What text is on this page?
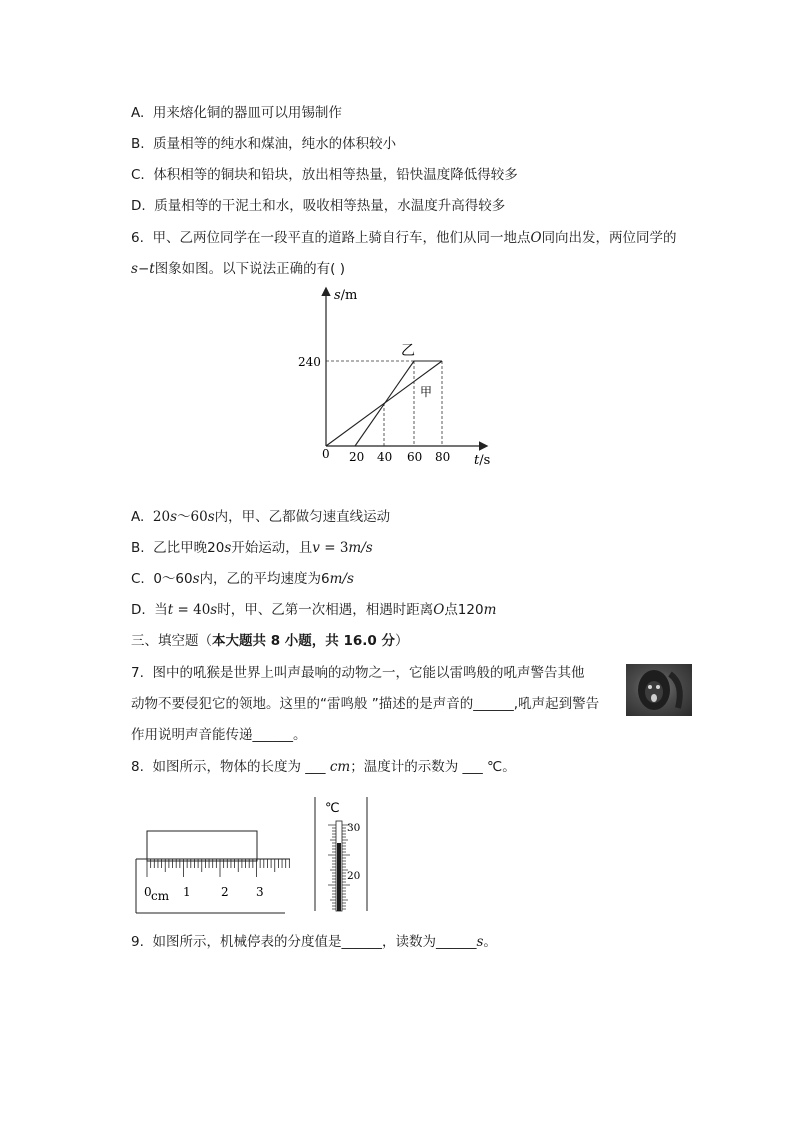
A. 用来熔化铜的器皿可以用锡制作
B. 质量相等的纯水和煤油，纯水的体积较小
C. 体积相等的铜块和铅块，放出相等热量，铅快温度降低得较多
D. 质量相等的干泥土和水，吸收相等热量，水温度升高得较多
6. 甲、乙两位同学在一段平直的道路上骑自行车，他们从同一地点O同向出发，两位同学的
s−t图象如图。以下说法正确的有( )
s/m
t/s
0
240
20 40 60 80
乙
甲
A. 20s～60s内，甲、乙都做匀速直线运动
B. 乙比甲晚20s开始运动，且v = 3m/s
C. 0～60s内，乙的平均速度为6m/s
D. 当t = 40s时，甲、乙第一次相遇，相遇时距离O点120m
三、填空题（本大题共 8 小题，共 16.0 分）
7. 图中的吼猴是世界上叫声最响的动物之一，它能以雷鸣般的吼声警告其他
动物不要侵犯它的领地。这里的“雷鸣般 ”描述的是声音的______,吼声起到警告
作用说明声音能传递______。
8. 如图所示，物体的长度为 ___ cm；温度计的示数为 ___ ℃。
0 cm 1	2 3
℃
30
20
9. 如图所示，机械停表的分度值是______，读数为______s。
